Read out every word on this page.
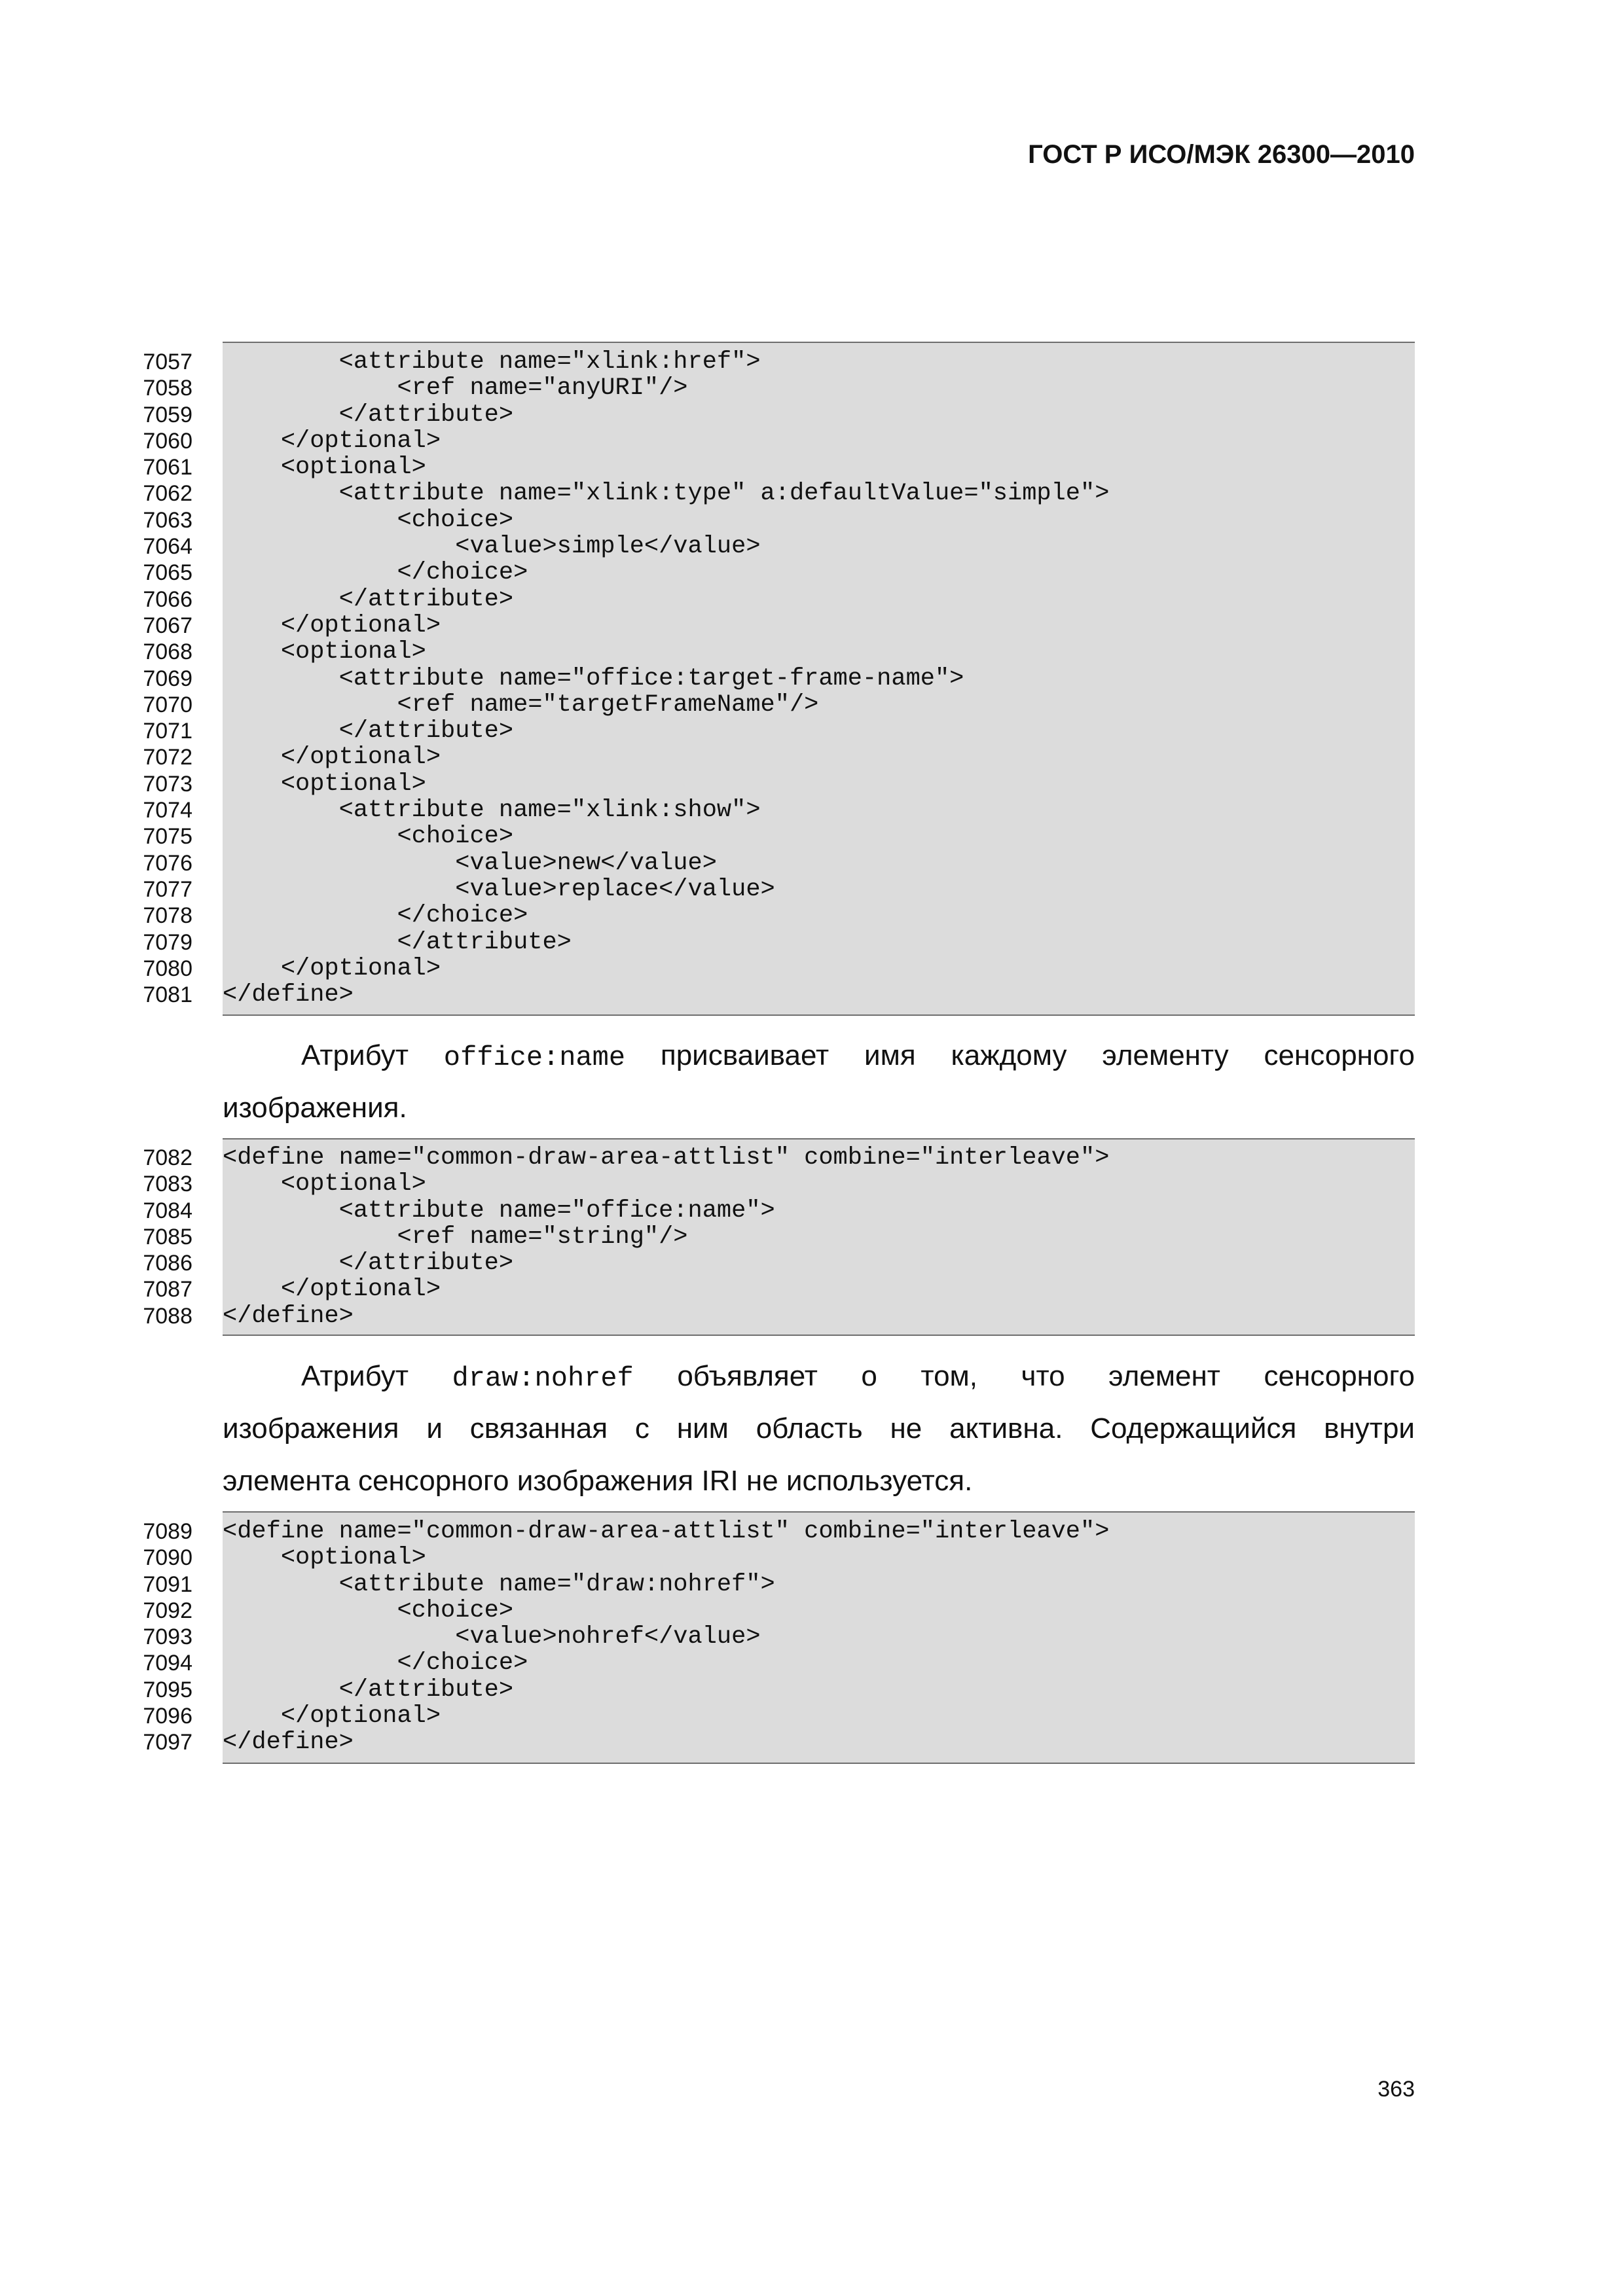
ГОСТ Р ИСО/МЭК 26300—2010
7057 <attribute name="xlink:href">
7058 <ref name="anyURI"/>
7059 </attribute>
7060 </optional>
7061 <optional>
7062 <attribute name="xlink:type" a:defaultValue="simple">
7063 <choice>
7064 <value>simple</value>
7065 </choice>
7066 </attribute>
7067 </optional>
7068 <optional>
7069 <attribute name="office:target-frame-name">
7070 <ref name="targetFrameName"/>
7071 </attribute>
7072 </optional>
7073 <optional>
7074 <attribute name="xlink:show">
7075 <choice>
7076 <value>new</value>
7077 <value>replace</value>
7078 </choice>
7079 </attribute>
7080 </optional>
7081 </define>
Атрибут office:name присваивает имя каждому элементу сенсорного
изображения.
7082 <define name="common-draw-area-attlist" combine="interleave">
7083 <optional>
7084 <attribute name="office:name">
7085 <ref name="string"/>
7086 </attribute>
7087 </optional>
7088 </define>
Атрибут draw:nohref объявляет о том, что элемент сенсорного
изображения и связанная с ним область не активна. Содержащийся внутри
элемента сенсорного изображения IRI не используется.
7089 <define name="common-draw-area-attlist" combine="interleave">
7090 <optional>
7091 <attribute name="draw:nohref">
7092 <choice>
7093 <value>nohref</value>
7094 </choice>
7095 </attribute>
7096 </optional>
7097 </define>
363
